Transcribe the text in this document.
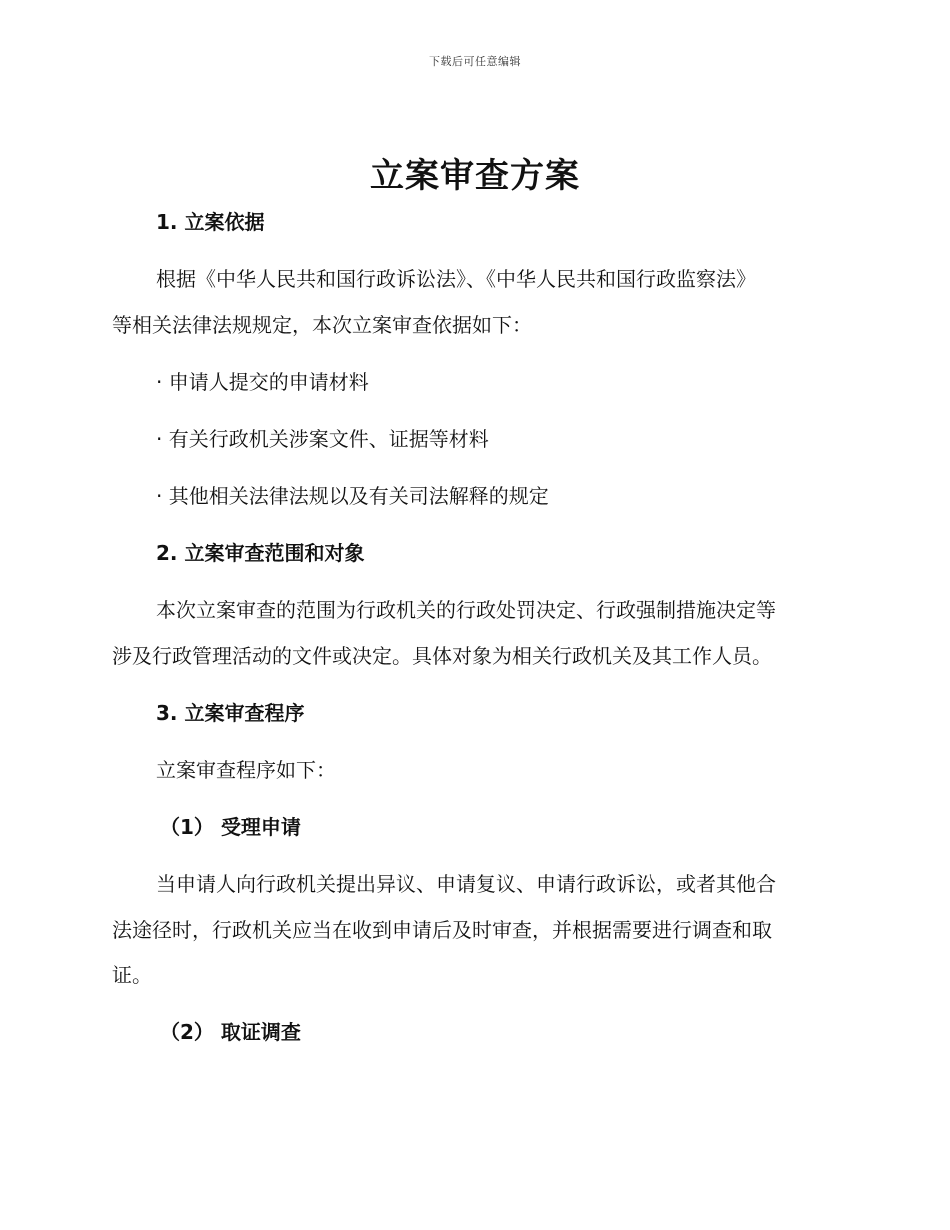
下载后可任意编辑
立案审查方案
1. 立案依据
根据《中华人民共和国行政诉讼法》、《中华人民共和国行政监察法》
等相关法律法规规定，本次立案审查依据如下：
· 申请人提交的申请材料
· 有关行政机关涉案文件、证据等材料
· 其他相关法律法规以及有关司法解释的规定
2. 立案审查范围和对象
本次立案审查的范围为行政机关的行政处罚决定、行政强制措施决定等
涉及行政管理活动的文件或决定。具体对象为相关行政机关及其工作人员。
3. 立案审查程序
立案审查程序如下：
（1） 受理申请
当申请人向行政机关提出异议、申请复议、申请行政诉讼，或者其他合
法途径时，行政机关应当在收到申请后及时审查，并根据需要进行调查和取
证。
（2） 取证调查
